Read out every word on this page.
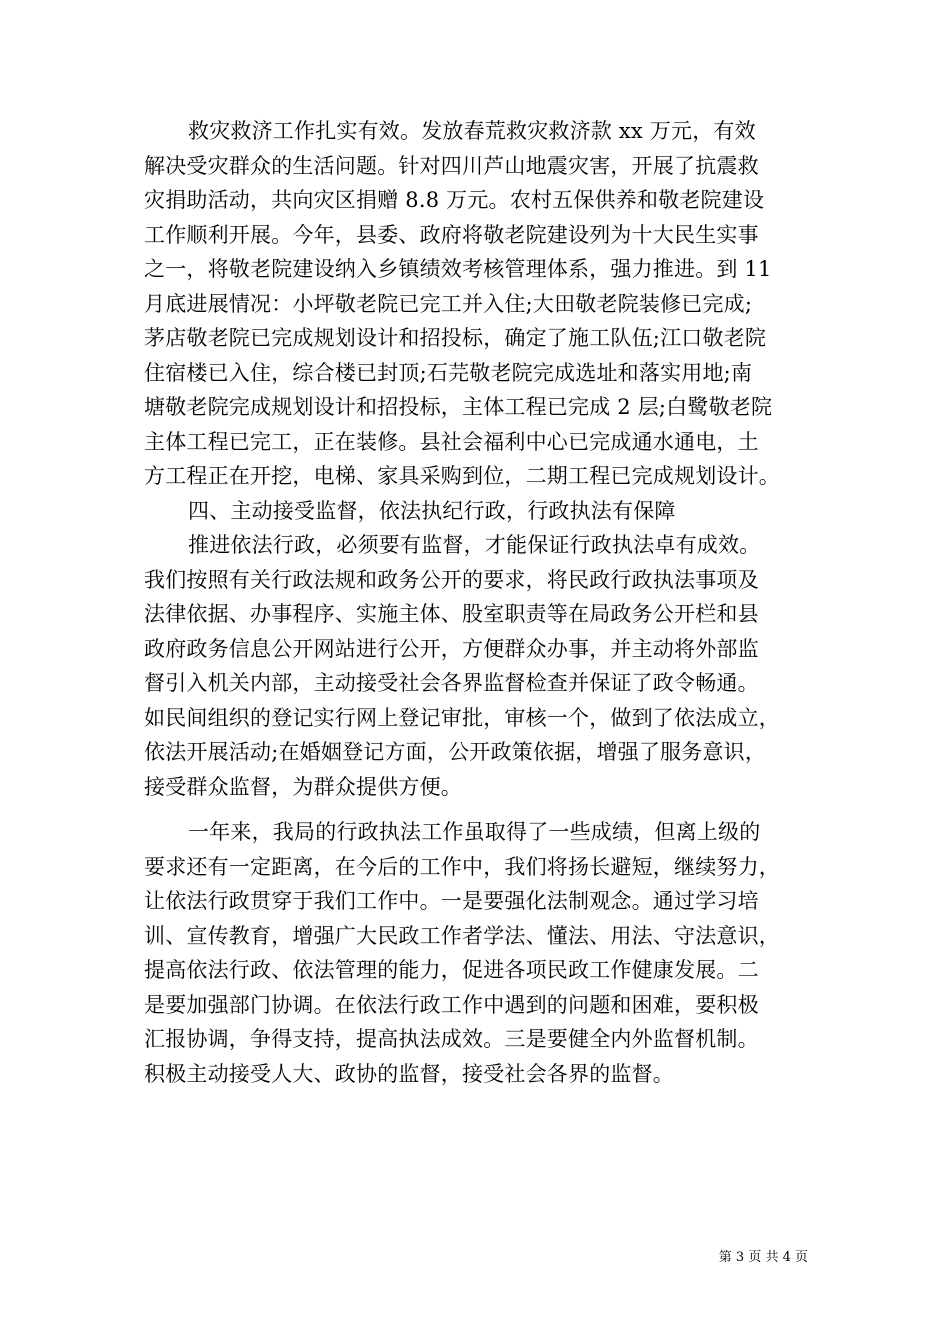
救灾救济工作扎实有效。发放春荒救灾救济款 xx 万元，有效
解决受灾群众的生活问题。针对四川芦山地震灾害，开展了抗震救
灾捐助活动，共向灾区捐赠 8.8 万元。农村五保供养和敬老院建设
工作顺利开展。今年，县委、政府将敬老院建设列为十大民生实事
之一，将敬老院建设纳入乡镇绩效考核管理体系，强力推进。到 11
月底进展情况：小坪敬老院已完工并入住;大田敬老院装修已完成;
茅店敬老院已完成规划设计和招投标，确定了施工队伍;江口敬老院
住宿楼已入住，综合楼已封顶;石芫敬老院完成选址和落实用地;南
塘敬老院完成规划设计和招投标，主体工程已完成 2 层;白鹭敬老院
主体工程已完工，正在装修。县社会福利中心已完成通水通电，土
方工程正在开挖，电梯、家具采购到位，二期工程已完成规划设计。
四、主动接受监督，依法执纪行政，行政执法有保障
推进依法行政，必须要有监督，才能保证行政执法卓有成效。
我们按照有关行政法规和政务公开的要求，将民政行政执法事项及
法律依据、办事程序、实施主体、股室职责等在局政务公开栏和县
政府政务信息公开网站进行公开，方便群众办事，并主动将外部监
督引入机关内部，主动接受社会各界监督检查并保证了政令畅通。
如民间组织的登记实行网上登记审批，审核一个，做到了依法成立，
依法开展活动;在婚姻登记方面，公开政策依据，增强了服务意识，
接受群众监督，为群众提供方便。
一年来，我局的行政执法工作虽取得了一些成绩，但离上级的
要求还有一定距离，在今后的工作中，我们将扬长避短，继续努力，
让依法行政贯穿于我们工作中。一是要强化法制观念。通过学习培
训、宣传教育，增强广大民政工作者学法、懂法、用法、守法意识，
提高依法行政、依法管理的能力，促进各项民政工作健康发展。二
是要加强部门协调。在依法行政工作中遇到的问题和困难，要积极
汇报协调，争得支持，提高执法成效。三是要健全内外监督机制。
积极主动接受人大、政协的监督，接受社会各界的监督。
第 3 页 共 4 页
